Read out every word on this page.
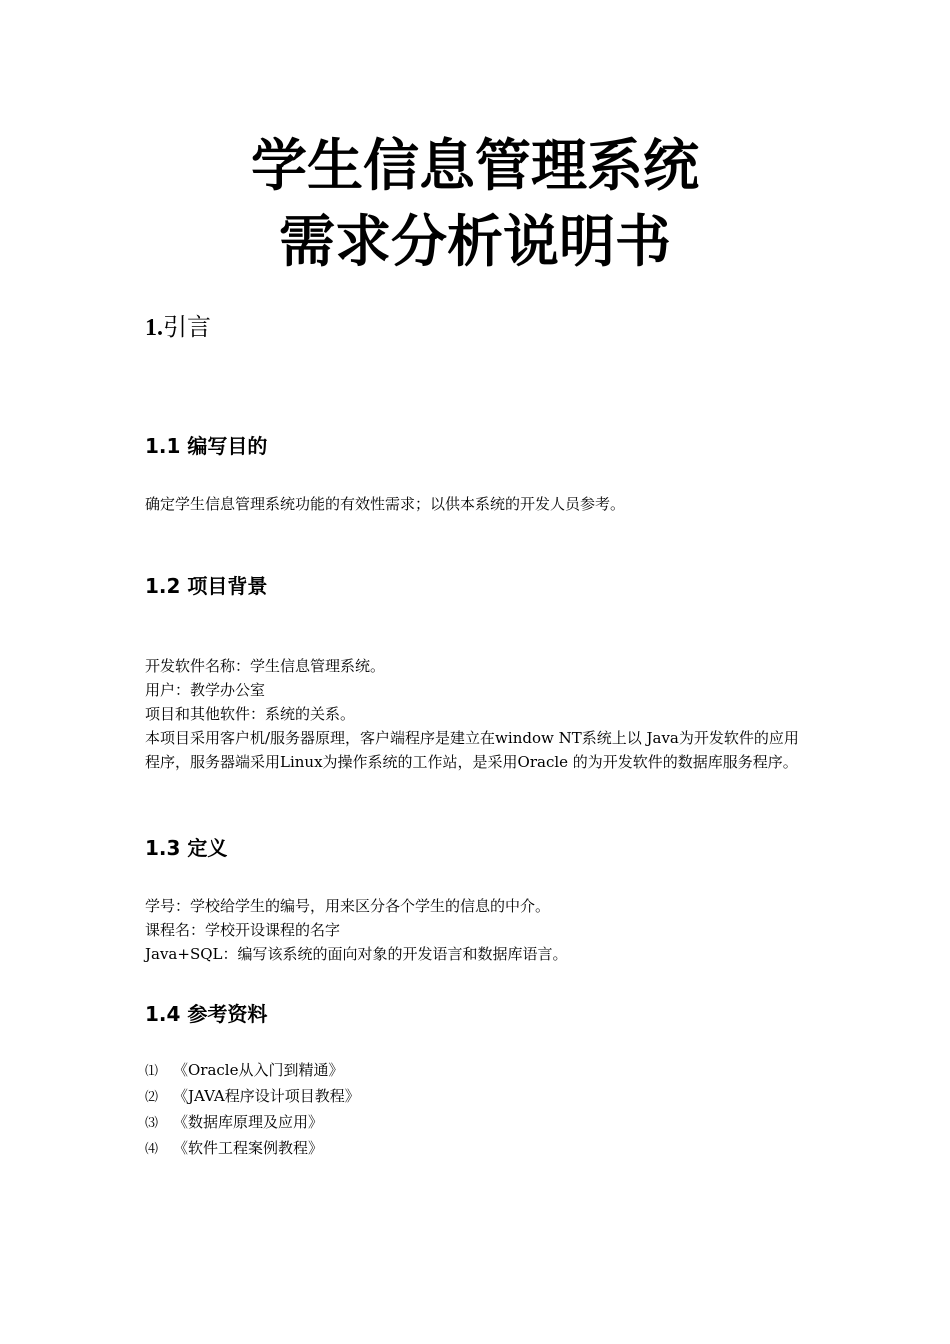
学生信息管理系统
需求分析说明书
1.引言
1.1 编写目的

确定学生信息管理系统功能的有效性需求；以供本系统的开发人员参考。

1.2 项目背景

开发软件名称：学生信息管理系统。
用户：教学办公室
项目和其他软件：系统的关系。
本项目采用客户机/服务器原理，客户端程序是建立在window NT系统上以 Java为开发软件的应用程序，服务器端采用Linux为操作系统的工作站，是采用Oracle 的为开发软件的数据库服务程序。

1.3 定义

学号：学校给学生的编号，用来区分各个学生的信息的中介。
课程名：学校开设课程的名字
Java+SQL：编写该系统的面向对象的开发语言和数据库语言。

1.4 参考资料
⑴ 《Oracle从入门到精通》
⑵ 《JAVA程序设计项目教程》
⑶ 《数据库原理及应用》
⑷ 《软件工程案例教程》
